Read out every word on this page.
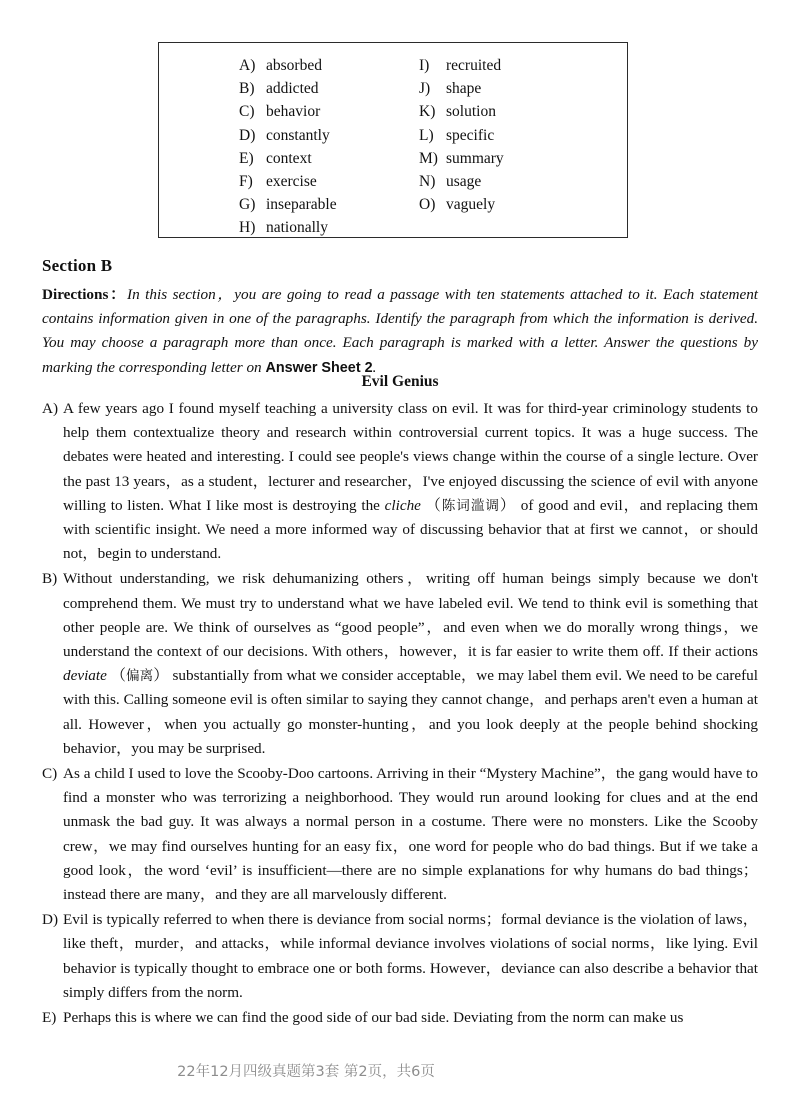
A) absorbed
B) addicted
C) behavior
D) constantly
E) context
F) exercise
G) inseparable
H) nationally
I)	recruited
J)	shape
K) solution
L) specific
M) summary
N) usage
O) vaguely
Section B
Directions：In this section，you are going to read a passage with ten statements attached to it. Each statement contains information given in one of the paragraphs. Identify the paragraph from which the information is derived. You may choose a paragraph more than once. Each paragraph is marked with a letter. Answer the questions by marking the corresponding letter on Answer Sheet 2.
Evil Genius
A) A few years ago I found myself teaching a university class on evil. It was for third-year criminology students to help them contextualize theory and research within controversial current topics. It was a huge success. The debates were heated and interesting. I could see people's views change within the course of a single lecture. Over the past 13 years，as a student，lecturer and researcher，I've enjoyed discussing the science of evil with anyone willing to listen. What I like most is destroying the cliche （陈词滥调） of good and evil，and replacing them with scientific insight. We need a more informed way of discussing behavior that at first we cannot，or should not，begin to understand.
B) Without understanding, we risk dehumanizing others，writing off human beings simply because we don't comprehend them. We must try to understand what we have labeled evil. We tend to think evil is something that other people are. We think of ourselves as “good people”，and even when we do morally wrong things，we understand the context of our decisions. With others，however，it is far easier to write them off. If their actions deviate （偏离） substantially from what we consider acceptable，we may label them evil. We need to be careful with this. Calling someone evil is often similar to saying they cannot change，and perhaps aren't even a human at all. However，when you actually go monster-hunting，and you look deeply at the people behind shocking behavior，you may be surprised.
C) As a child I used to love the Scooby-Doo cartoons. Arriving in their “Mystery Machine”，the gang would have to find a monster who was terrorizing a neighborhood. They would run around looking for clues and at the end unmask the bad guy. It was always a normal person in a costume. There were no monsters. Like the Scooby crew，we may find ourselves hunting for an easy fix，one word for people who do bad things. But if we take a good look，the word ‘evil’ is insufficient—there are no simple explanations for why humans do bad things；instead there are many，and they are all marvelously different.
D) Evil is typically referred to when there is deviance from social norms；formal deviance is the violation of laws，like theft，murder，and attacks，while informal deviance involves violations of social norms，like lying. Evil behavior is typically thought to embrace one or both forms. However，deviance can also describe a behavior that simply differs from the norm.
E) Perhaps this is where we can find the good side of our bad side. Deviating from the norm can make us
22年12月四级真题第3套 第2页，共6页
